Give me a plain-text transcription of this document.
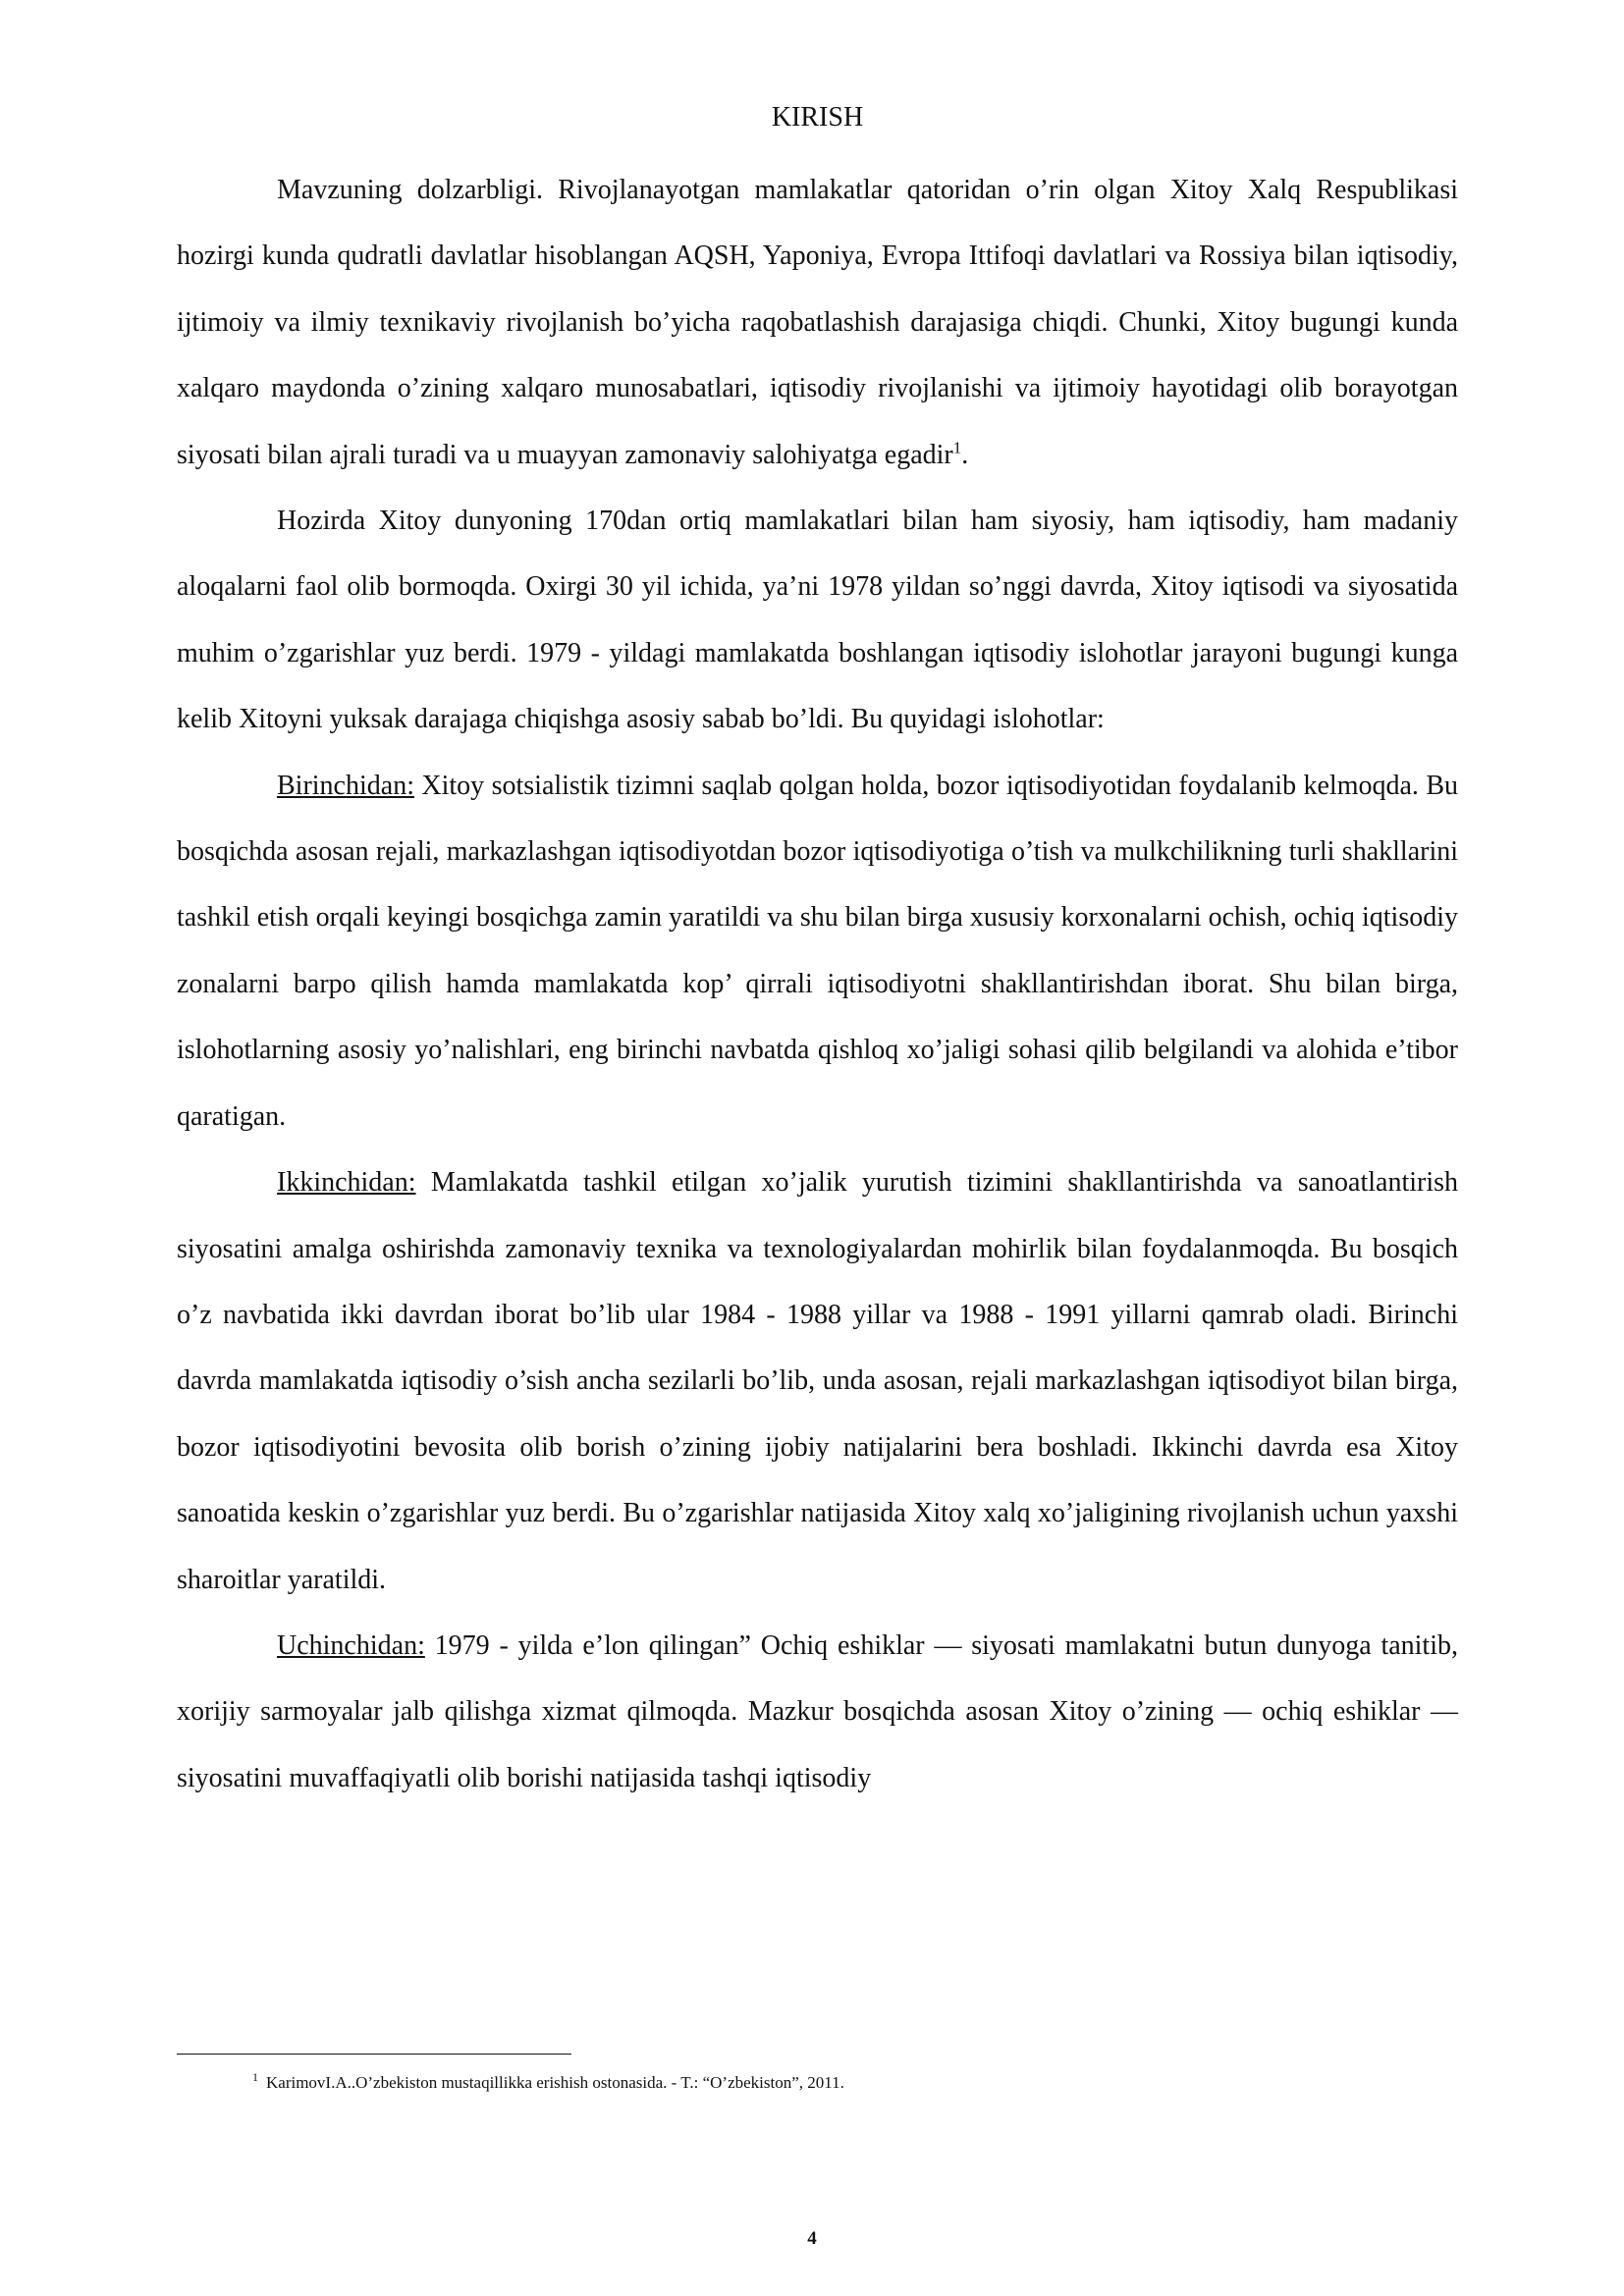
KIRISH

Mavzuning dolzarbligi. Rivojlanayotgan mamlakatlar qatoridan o’rin olgan Xitoy Xalq Respublikasi hozirgi kunda qudratli davlatlar hisoblangan AQSH, Yaponiya, Evropa Ittifoqi davlatlari va Rossiya bilan iqtisodiy, ijtimoiy va ilmiy texnikaviy rivojlanish bo’yicha raqobatlashish darajasiga chiqdi. Chunki, Xitoy bugungi kunda xalqaro maydonda o’zining xalqaro munosabatlari, iqtisodiy rivojlanishi va ijtimoiy hayotidagi olib borayotgan siyosati bilan ajrali turadi va u muayyan zamonaviy salohiyatga egadir$^1$.

Hozirda Xitoy dunyoning 170dan ortiq mamlakatlari bilan ham siyosiy, ham iqtisodiy, ham madaniy aloqalarni faol olib bormoqda. Oxirgi 30 yil ichida, ya’ni 1978 yildan so’nggi davrda, Xitoy iqtisodi va siyosatida muhim o’zgarishlar yuz berdi. 1979 - yildagi mamlakatda boshlangan iqtisodiy islohotlar jarayoni bugungi kunga kelib Xitoyni yuksak darajaga chiqishga asosiy sabab bo’ldi. Bu quyidagi islohotlar:

Birinchidan: Xitoy sotsialistik tizimni saqlab qolgan holda, bozor iqtisodiyotidan foydalanib kelmoqda. Bu bosqichda asosan rejali, markazlashgan iqtisodiyotdan bozor iqtisodiyotiga o’tish va mulkchilikning turli shakllarini tashkil etish orqali keyingi bosqichga zamin yaratildi va shu bilan birga xususiy korxonalarni ochish, ochiq iqtisodiy zonalarni barpo qilish hamda mamlakatda kop’ qirrali iqtisodiyotni shakllantirishdan iborat. Shu bilan birga, islohotlarning asosiy yo’nalishlari, eng birinchi navbatda qishloq xo’jaligi sohasi qilib belgilandi va alohida e’tibor qaratigan.

Ikkinchidan: Mamlakatda tashkil etilgan xo’jalik yurutish tizimini shakllantirishda va sanoatlantirish siyosatini amalga oshirishda zamonaviy texnika va texnologiyalardan mohirlik bilan foydalanmoqda. Bu bosqich o’z navbatida ikki davrdan iborat bo’lib ular 1984 - 1988 yillar va 1988 - 1991 yillarni qamrab oladi. Birinchi davrda mamlakatda iqtisodiy o’sish ancha sezilarli bo’lib, unda asosan, rejali markazlashgan iqtisodiyot bilan birga, bozor iqtisodiyotini bevosita olib borish o’zining ijobiy natijalarini bera boshladi. Ikkinchi davrda esa Xitoy sanoatida keskin o’zgarishlar yuz berdi. Bu o’zgarishlar natijasida Xitoy xalq xo’jaligining rivojlanish uchun yaxshi sharoitlar yaratildi.

Uchinchidan: 1979 - yilda e’lon qilingan” Ochiq eshiklar — siyosati mamlakatni butun dunyoga tanitib, xorijiy sarmoyalar jalb qilishga xizmat qilmoqda. Mazkur bosqichda asosan Xitoy o’zining — ochiq eshiklar — siyosatini muvaffaqiyatli olib borishi natijasida tashqi iqtisodiy

$^1$ KarimovI.A..O’zbekiston mustaqillikka erishish ostonasida. - T.: “O’zbekiston”, 2011.
4
